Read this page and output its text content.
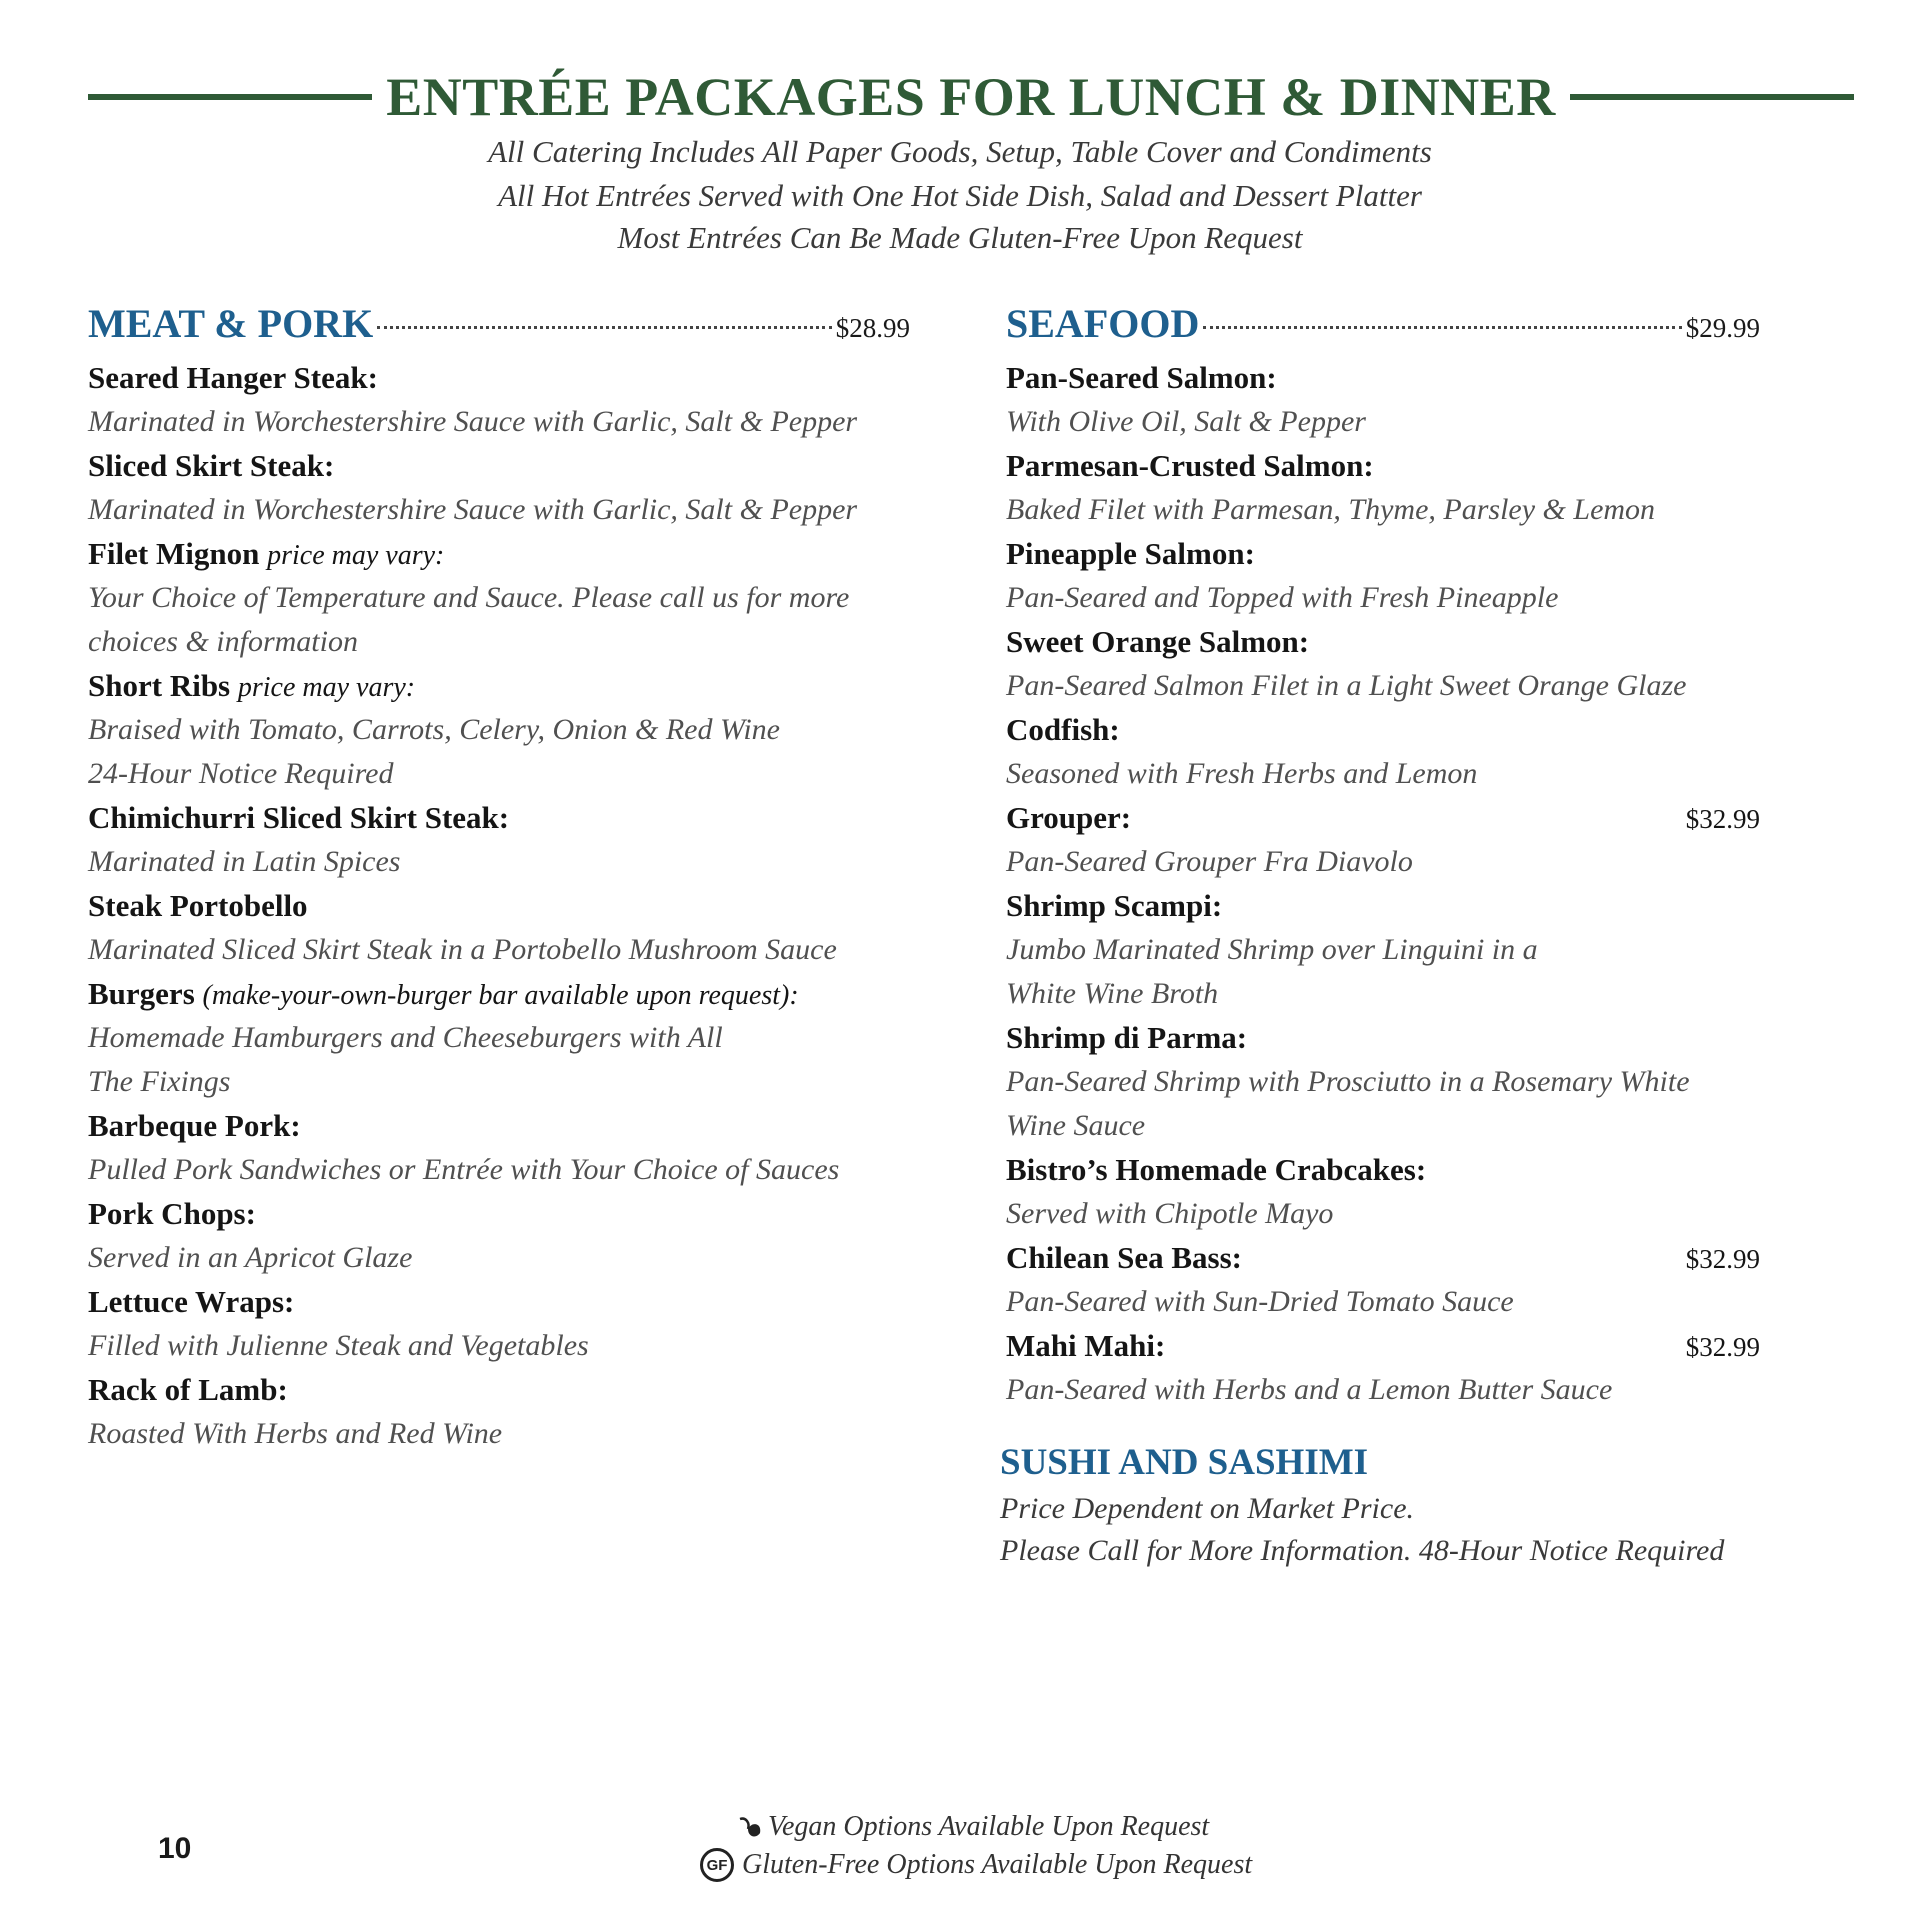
ENTRÉE PACKAGES FOR LUNCH & DINNER
All Catering Includes All Paper Goods, Setup, Table Cover and Condiments
All Hot Entrées Served with One Hot Side Dish, Salad and Dessert Platter
Most Entrées Can Be Made Gluten-Free Upon Request
MEAT & PORK	$28.99
Seared Hanger Steak:
Marinated in Worchestershire Sauce with Garlic, Salt & Pepper
Sliced Skirt Steak:
Marinated in Worchestershire Sauce with Garlic, Salt & Pepper
Filet Mignon price may vary:
Your Choice of Temperature and Sauce. Please call us for more
choices & information
Short Ribs price may vary:
Braised with Tomato, Carrots, Celery, Onion & Red Wine
24-Hour Notice Required
Chimichurri Sliced Skirt Steak:
Marinated in Latin Spices
Steak Portobello
Marinated Sliced Skirt Steak in a Portobello Mushroom Sauce
Burgers (make-your-own-burger bar available upon request):
Homemade Hamburgers and Cheeseburgers with All
The Fixings
Barbeque Pork:
Pulled Pork Sandwiches or Entrée with Your Choice of Sauces
Pork Chops:
Served in an Apricot Glaze
Lettuce Wraps:
Filled with Julienne Steak and Vegetables
Rack of Lamb:
Roasted With Herbs and Red Wine
SEAFOOD	$29.99
Pan-Seared Salmon:
With Olive Oil, Salt & Pepper
Parmesan-Crusted Salmon:
Baked Filet with Parmesan, Thyme, Parsley & Lemon
Pineapple Salmon:
Pan-Seared and Topped with Fresh Pineapple
Sweet Orange Salmon:
Pan-Seared Salmon Filet in a Light Sweet Orange Glaze
Codfish:
Seasoned with Fresh Herbs and Lemon
Grouper:	$32.99
Pan-Seared Grouper Fra Diavolo
Shrimp Scampi:
Jumbo Marinated Shrimp over Linguini in a
White Wine Broth
Shrimp di Parma:
Pan-Seared Shrimp with Prosciutto in a Rosemary White
Wine Sauce
Bistro’s Homemade Crabcakes:
Served with Chipotle Mayo
Chilean Sea Bass:	$32.99
Pan-Seared with Sun-Dried Tomato Sauce
Mahi Mahi:	$32.99
Pan-Seared with Herbs and a Lemon Butter Sauce
SUSHI AND SASHIMI
Price Dependent on Market Price.
Please Call for More Information. 48-Hour Notice Required
10
Vegan Options Available Upon Request
GF Gluten-Free Options Available Upon Request
